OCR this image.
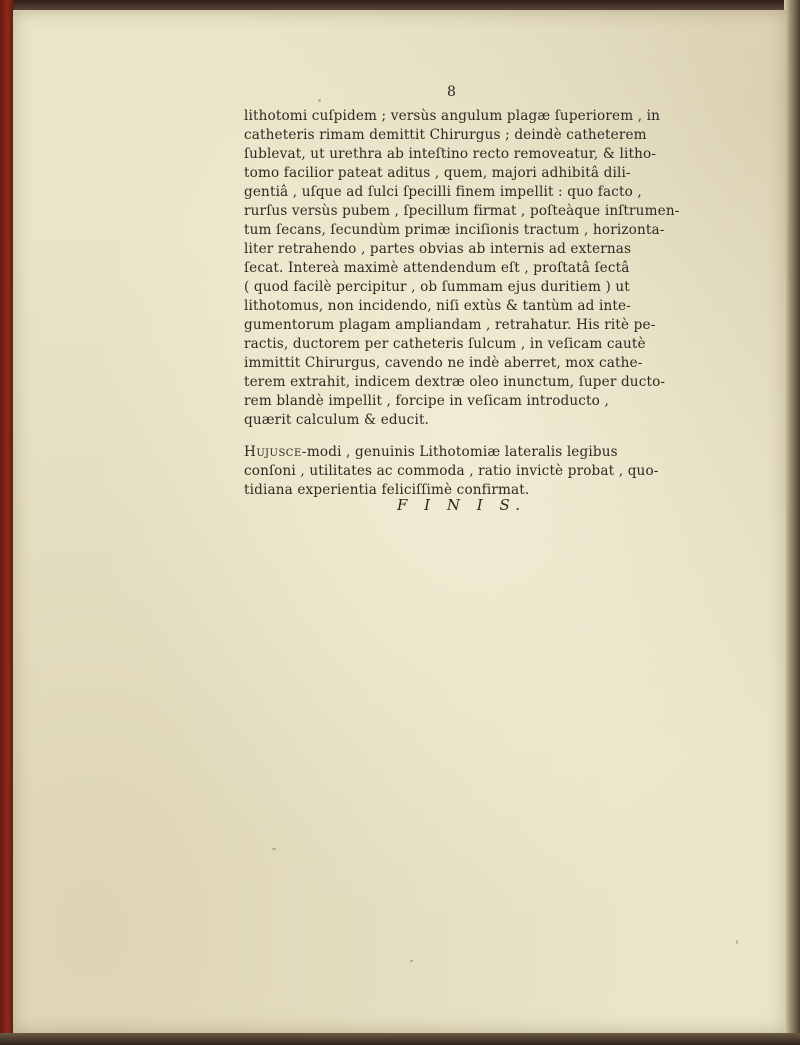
8
lithotomi cuſpidem ; versùs angulum plagæ ſuperiorem , in
catheteris rimam demittit Chirurgus ; deindè catheterem
ſublevat, ut urethra ab inteſtino recto removeatur, & litho-
tomo facilior pateat aditus , quem, majori adhibitâ dili-
gentiâ , uſque ad ſulci ſpecilli finem impellit : quo facto ,
rurſus versùs pubem , ſpecillum firmat , poſteàque inſtrumen-
tum ſecans, ſecundùm primæ inciſionis tractum , horizonta-
liter retrahendo , partes obvias ab internis ad externas
ſecat. Intereà maximè attendendum eſt , proſtatâ ſectâ
( quod facilè percipitur , ob ſummam ejus duritiem ) ut
lithotomus, non incidendo, niſi extùs & tantùm ad inte-
gumentorum plagam ampliandam , retrahatur. His ritè pe-
ractis, ductorem per catheteris ſulcum , in veſicam cautè
immittit Chirurgus, cavendo ne indè aberret, mox cathe-
terem extrahit, indicem dextræ oleo inunctum, ſuper ducto-
rem blandè impellit , forcipe in veſicam introducto ,
quærit calculum & educit.
Hujusce-modi , genuinis Lithotomiæ lateralis legibus
conſoni , utilitates ac commoda , ratio invictè probat , quo-
tidiana experientia feliciſſimè confirmat.
F I N I S.
